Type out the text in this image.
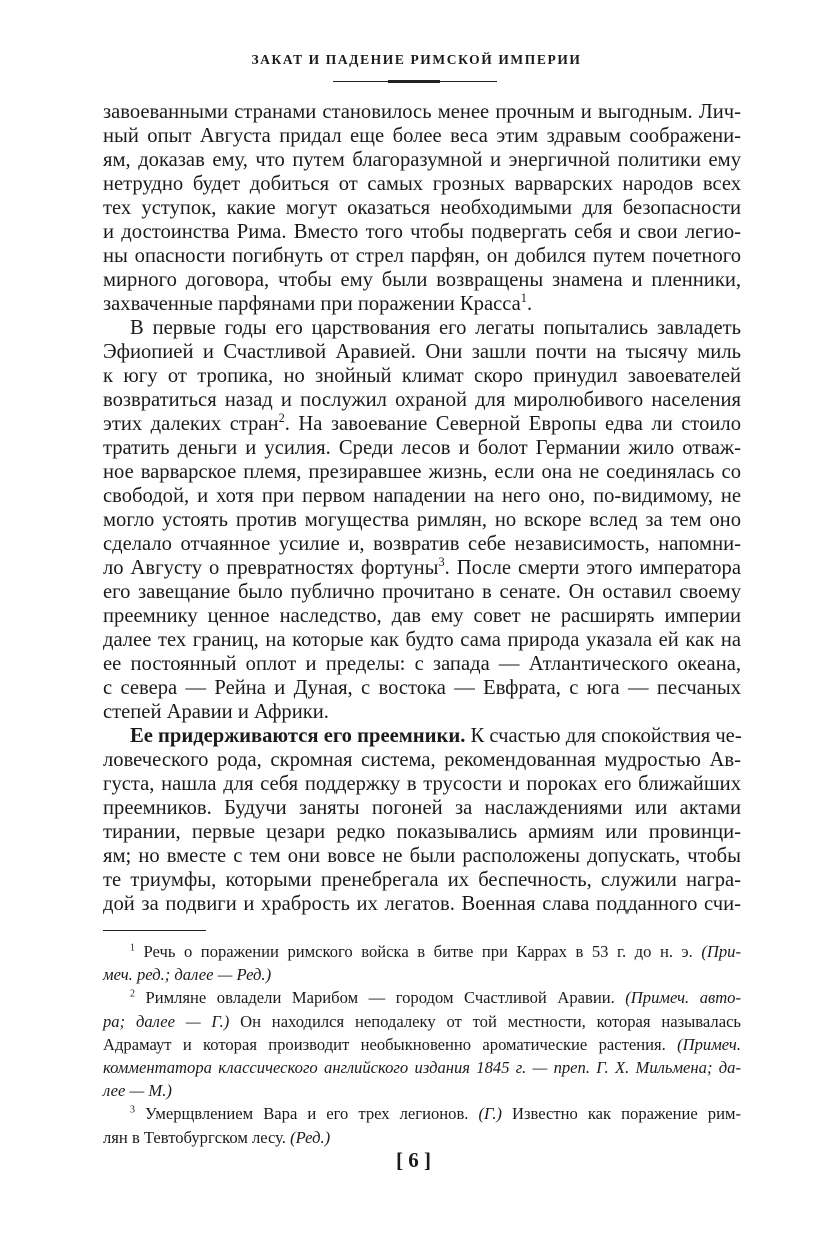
ЗАКАТ И ПАДЕНИЕ РИМСКОЙ ИМПЕРИИ
завоеванными странами становилось менее прочным и выгодным. Лич-
ный опыт Августа придал еще более веса этим здравым соображени-
ям, доказав ему, что путем благоразумной и энергичной политики ему
нетрудно будет добиться от самых грозных варварских народов всех
тех уступок, какие могут оказаться необходимыми для безопасности
и достоинства Рима. Вместо того чтобы подвергать себя и свои легио-
ны опасности погибнуть от стрел парфян, он добился путем почетного
мирного договора, чтобы ему были возвращены знамена и пленники,
захваченные парфянами при поражении Красса$^1$.
В первые годы его царствования его легаты попытались завладеть
Эфиопией и Счастливой Аравией. Они зашли почти на тысячу миль
к югу от тропика, но знойный климат скоро принудил завоевателей
возвратиться назад и послужил охраной для миролюбивого населения
этих далеких стран$^2$. На завоевание Северной Европы едва ли стоило
тратить деньги и усилия. Среди лесов и болот Германии жило отваж-
ное варварское племя, презиравшее жизнь, если она не соединялась со
свободой, и хотя при первом нападении на него оно, по-видимому, не
могло устоять против могущества римлян, но вскоре вслед за тем оно
сделало отчаянное усилие и, возвратив себе независимость, напомни-
ло Августу о превратностях фортуны$^3$. После смерти этого императора
его завещание было публично прочитано в сенате. Он оставил своему
преемнику ценное наследство, дав ему совет не расширять империи
далее тех границ, на которые как будто сама природа указала ей как на
ее постоянный оплот и пределы: с запада — Атлантического океана,
с севера — Рейна и Дуная, с востока — Евфрата, с юга — песчаных
степей Аравии и Африки.
Ее придерживаются его преемники. К счастью для спокойствия че-
ловеческого рода, скромная система, рекомендованная мудростью Ав-
густа, нашла для себя поддержку в трусости и пороках его ближайших
преемников. Будучи заняты погоней за наслаждениями или актами
тирании, первые цезари редко показывались армиям или провинци-
ям; но вместе с тем они вовсе не были расположены допускать, чтобы
те триумфы, которыми пренебрегала их беспечность, служили награ-
дой за подвиги и храбрость их легатов. Военная слава подданного счи-
$^1$ Речь о поражении римского войска в битве при Каррах в 53 г. до н. э. (При-
меч. ред.; далее — Ред.)
$^2$ Римляне овладели Марибом — городом Счастливой Аравии. (Примеч. авто-
ра; далее — Г.) Он находился неподалеку от той местности, которая называлась
Адрамаут и которая производит необыкновенно ароматические растения. (Примеч.
комментатора классического английского издания 1845 г. — преп. Г. Х. Мильмена; да-
лее — М.)
$^3$ Умерщвлением Вара и его трех легионов. (Г.) Известно как поражение рим-
лян в Тевтобургском лесу. (Ред.)
[ 6 ]
